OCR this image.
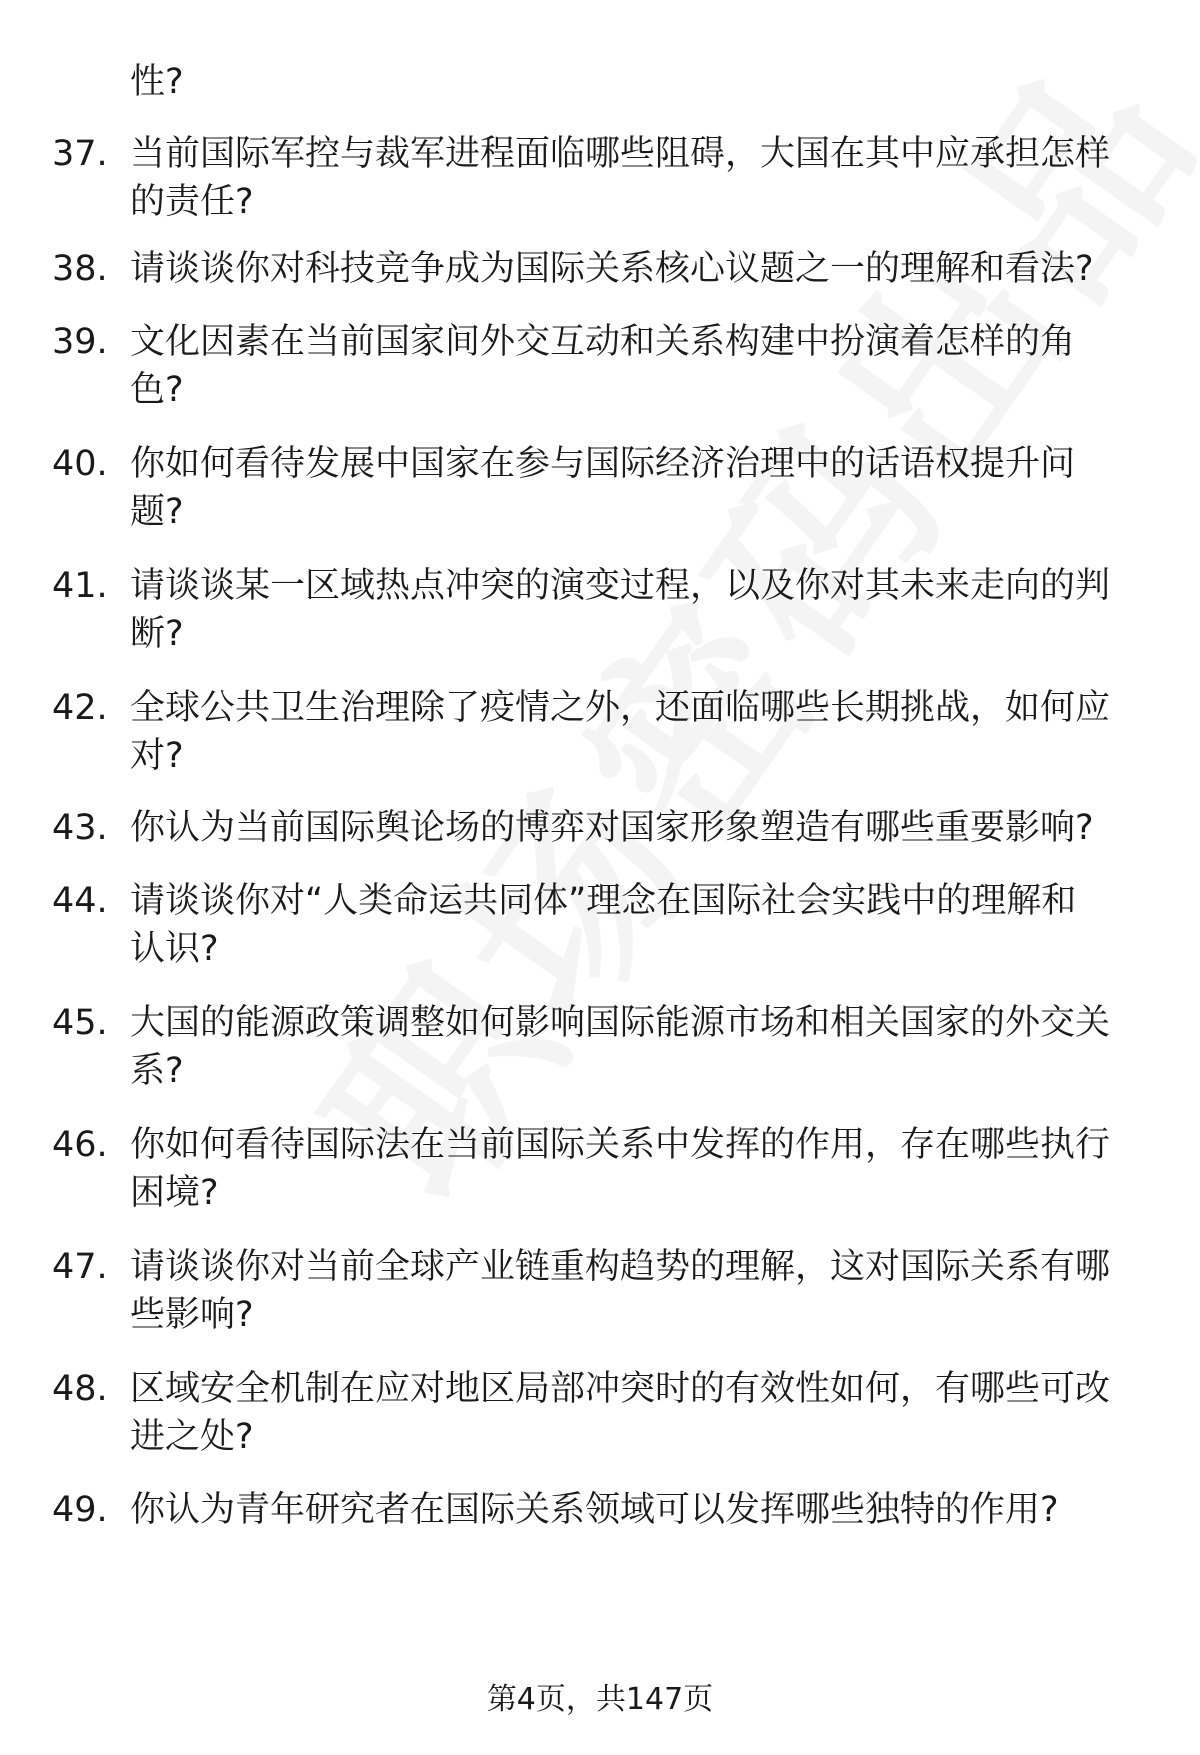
性?
37. 当前国际军控与裁军进程面临哪些阻碍，大国在其中应承担怎样
的责任?
38. 请谈谈你对科技竞争成为国际关系核心议题之一的理解和看法?
39. 文化因素在当前国家间外交互动和关系构建中扮演着怎样的角
色?
40. 你如何看待发展中国家在参与国际经济治理中的话语权提升问
题?
41. 请谈谈某一区域热点冲突的演变过程，以及你对其未来走向的判
断?
42. 全球公共卫生治理除了疫情之外，还面临哪些长期挑战，如何应
对?
43. 你认为当前国际舆论场的博弈对国家形象塑造有哪些重要影响?
44. 请谈谈你对“人类命运共同体”理念在国际社会实践中的理解和
认识?
45. 大国的能源政策调整如何影响国际能源市场和相关国家的外交关
系?
46. 你如何看待国际法在当前国际关系中发挥的作用，存在哪些执行
困境?
47. 请谈谈你对当前全球产业链重构趋势的理解，这对国际关系有哪
些影响?
48. 区域安全机制在应对地区局部冲突时的有效性如何，有哪些可改
进之处?
49. 你认为青年研究者在国际关系领域可以发挥哪些独特的作用?
第4页，共147页
